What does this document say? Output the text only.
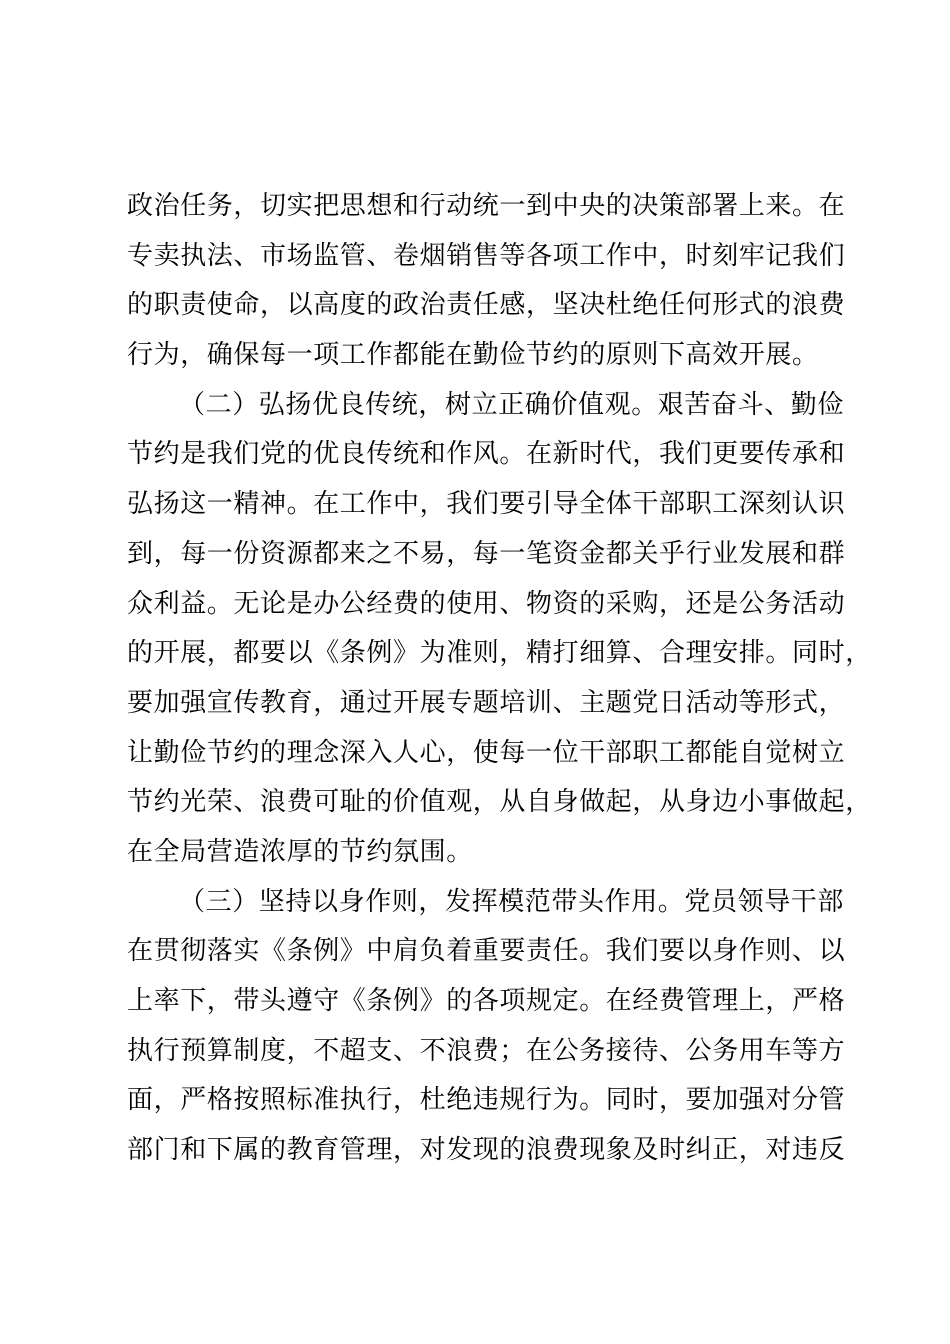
政治任务，切实把思想和行动统一到中央的决策部署上来。在
专卖执法、市场监管、卷烟销售等各项工作中，时刻牢记我们
的职责使命，以高度的政治责任感，坚决杜绝任何形式的浪费
行为，确保每一项工作都能在勤俭节约的原则下高效开展。
（二）弘扬优良传统，树立正确价值观。艰苦奋斗、勤俭
节约是我们党的优良传统和作风。在新时代，我们更要传承和
弘扬这一精神。在工作中，我们要引导全体干部职工深刻认识
到，每一份资源都来之不易，每一笔资金都关乎行业发展和群
众利益。无论是办公经费的使用、物资的采购，还是公务活动
的开展，都要以《条例》为准则，精打细算、合理安排。同时，
要加强宣传教育，通过开展专题培训、主题党日活动等形式，
让勤俭节约的理念深入人心，使每一位干部职工都能自觉树立
节约光荣、浪费可耻的价值观，从自身做起，从身边小事做起，
在全局营造浓厚的节约氛围。
（三）坚持以身作则，发挥模范带头作用。党员领导干部
在贯彻落实《条例》中肩负着重要责任。我们要以身作则、以
上率下，带头遵守《条例》的各项规定。在经费管理上，严格
执行预算制度，不超支、不浪费；在公务接待、公务用车等方
面，严格按照标准执行，杜绝违规行为。同时，要加强对分管
部门和下属的教育管理，对发现的浪费现象及时纠正，对违反
